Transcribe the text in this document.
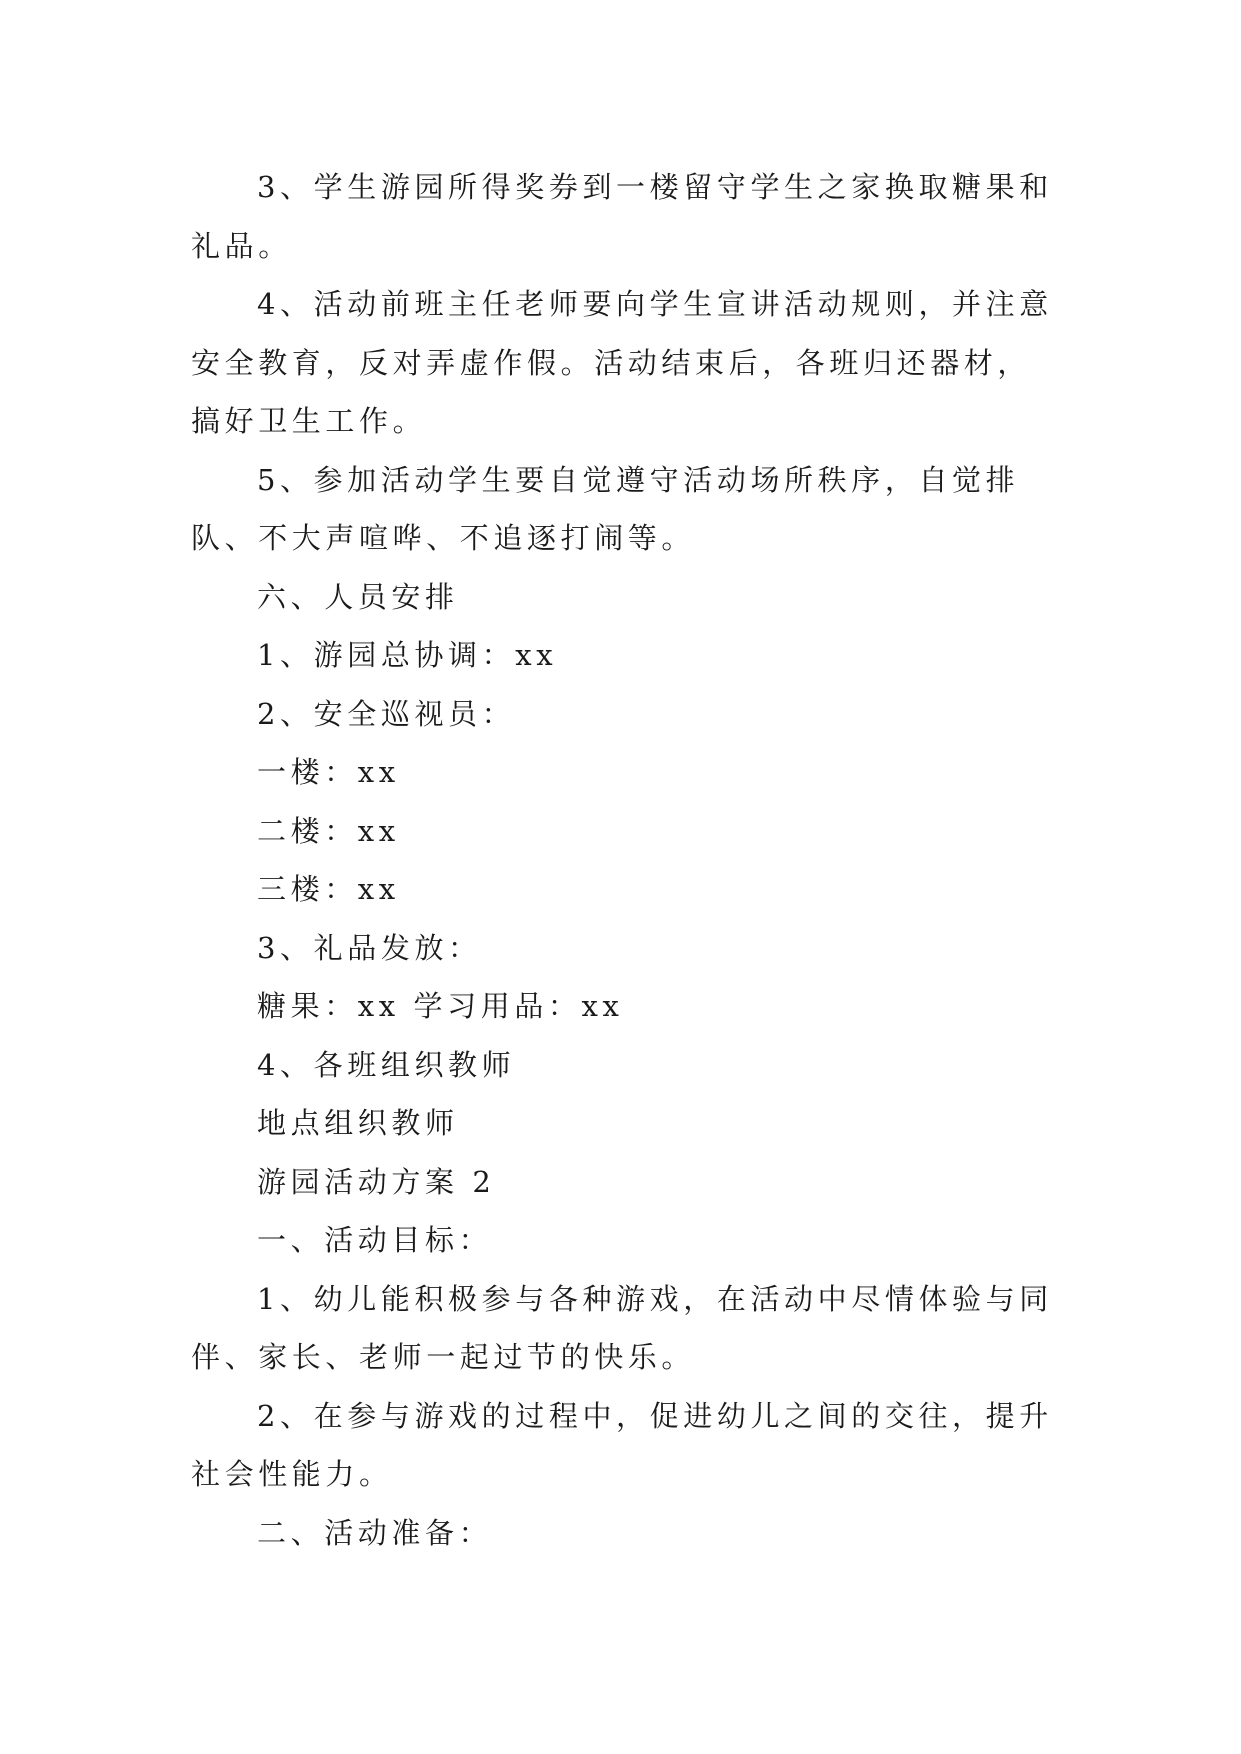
3、学生游园所得奖券到一楼留守学生之家换取糖果和礼品。

4、活动前班主任老师要向学生宣讲活动规则，并注意安全教育，反对弄虚作假。活动结束后，各班归还器材，搞好卫生工作。

5、参加活动学生要自觉遵守活动场所秩序，自觉排队、不大声喧哗、不追逐打闹等。

六、人员安排

1、游园总协调：xx

2、安全巡视员：

一楼：xx

二楼：xx

三楼：xx

3、礼品发放：

糖果：xx 学习用品：xx

4、各班组织教师

地点组织教师

游园活动方案 2

一、活动目标：

1、幼儿能积极参与各种游戏，在活动中尽情体验与同伴、家长、老师一起过节的快乐。

2、在参与游戏的过程中，促进幼儿之间的交往，提升社会性能力。

二、活动准备：
